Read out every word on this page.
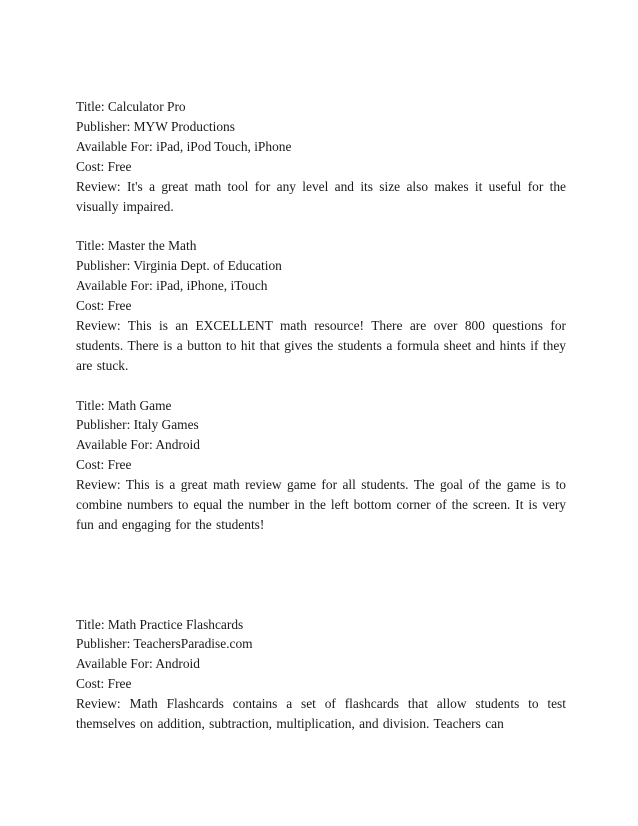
Title: Calculator Pro
Publisher: MYW Productions
Available For: iPad, iPod Touch, iPhone
Cost: Free
Review: It's a great math tool for any level and its size also makes it useful for the visually impaired.
Title: Master the Math
Publisher: Virginia Dept. of Education
Available For: iPad, iPhone, iTouch
Cost: Free
Review: This is an EXCELLENT math resource! There are over 800 questions for students. There is a button to hit that gives the students a formula sheet and hints if they are stuck.
Title: Math Game
Publisher: Italy Games
Available For: Android
Cost: Free
Review: This is a great math review game for all students. The goal of the game is to combine numbers to equal the number in the left bottom corner of the screen. It is very fun and engaging for the students!
Title: Math Practice Flashcards
Publisher: TeachersParadise.com
Available For: Android
Cost: Free
Review: Math Flashcards contains a set of flashcards that allow students to test themselves on addition, subtraction, multiplication, and division. Teachers can
